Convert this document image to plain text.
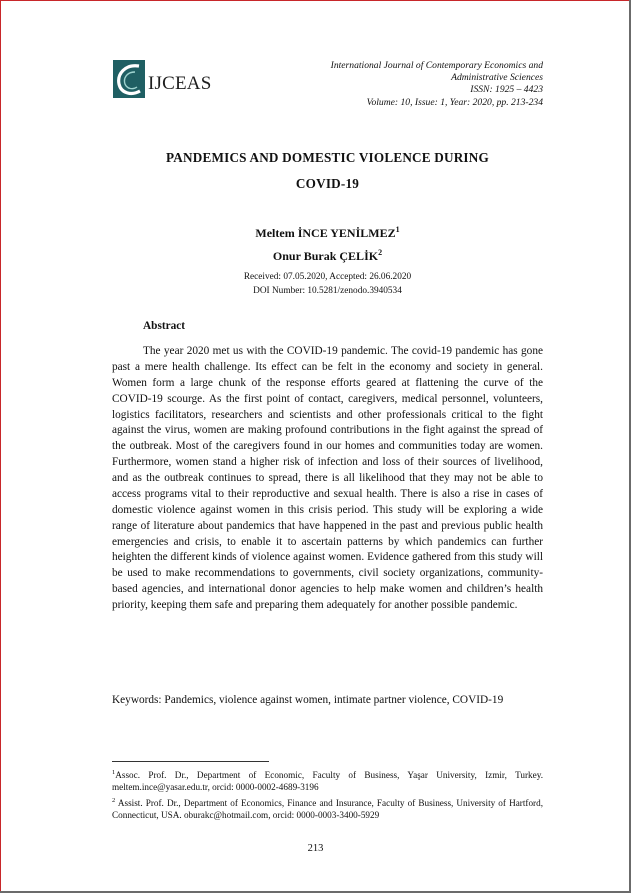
IJCEAS
International Journal of Contemporary Economics and
Administrative Sciences
ISSN: 1925 – 4423
Volume: 10, Issue: 1, Year: 2020, pp. 213-234
PANDEMICS AND DOMESTIC VIOLENCE DURING
COVID-19
Meltem İNCE YENİLMEZ$^1$
Onur Burak ÇELİK$^2$
Received: 07.05.2020, Accepted: 26.06.2020
DOI Number: 10.5281/zenodo.3940534
Abstract

The year 2020 met us with the COVID-19 pandemic. The covid-19 pandemic has gone past a mere health challenge. Its effect can be felt in the economy and society in general. Women form a large chunk of the response efforts geared at flattening the curve of the COVID-19 scourge. As the first point of contact, caregivers, medical personnel, volunteers, logistics facilitators, researchers and scientists and other professionals critical to the fight against the virus, women are making profound contributions in the fight against the spread of the outbreak. Most of the caregivers found in our homes and communities today are women. Furthermore, women stand a higher risk of infection and loss of their sources of livelihood, and as the outbreak continues to spread, there is all likelihood that they may not be able to access programs vital to their reproductive and sexual health. There is also a rise in cases of domestic violence against women in this crisis period. This study will be exploring a wide range of literature about pandemics that have happened in the past and previous public health emergencies and crisis, to enable it to ascertain patterns by which pandemics can further heighten the different kinds of violence against women. Evidence gathered from this study will be used to make recommendations to governments, civil society organizations, community-based agencies, and international donor agencies to help make women and children’s health priority, keeping them safe and preparing them adequately for another possible pandemic.

Keywords: Pandemics, violence against women, intimate partner violence, COVID-19

$^1$Assoc. Prof. Dr., Department of Economic, Faculty of Business, Yaşar University, Izmir, Turkey. meltem.ince@yasar.edu.tr, orcid: 0000-0002-4689-3196

$^2$ Assist. Prof. Dr., Department of Economics, Finance and Insurance, Faculty of Business, University of Hartford, Connecticut, USA. oburakc@hotmail.com, orcid: 0000-0003-3400-5929

213
